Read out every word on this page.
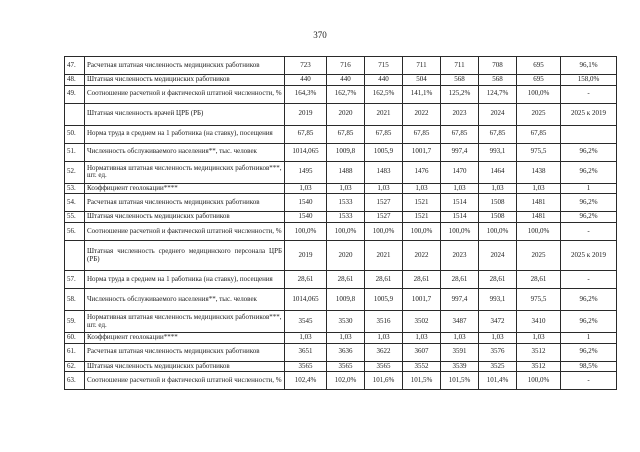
370
47.	Расчетная штатная численность медицинских работников	723	716	715	711	711	708	695	96,1%
48.	Штатная численность медицинских работников	440	440	440	504	568	568	695	158,0%
49.	Соотношение расчетной и фактической штатной численности, %	164,3%	162,7%	162,5%	141,1%	125,2%	124,7%	100,0%	-
	Штатная численность врачей ЦРБ (РБ)	2019	2020	2021	2022	2023	2024	2025	2025 к 2019
50.	Норма труда в среднем на 1 работника (на ставку), посещения	67,85	67,85	67,85	67,85	67,85	67,85	67,85	
51.	Численность обслуживаемого населения**, тыс. человек	1014,065	1009,8	1005,9	1001,7	997,4	993,1	975,5	96,2%
52.	Нормативная штатная численность медицинских работников***, шт. ед.	1495	1488	1483	1476	1470	1464	1438	96,2%
53.	Коэффициент геолокации****	1,03	1,03	1,03	1,03	1,03	1,03	1,03	1
54.	Расчетная штатная численность медицинских работников	1540	1533	1527	1521	1514	1508	1481	96,2%
55.	Штатная численность медицинских работников	1540	1533	1527	1521	1514	1508	1481	96,2%
56.	Соотношение расчетной и фактической штатной численности, %	100,0%	100,0%	100,0%	100,0%	100,0%	100,0%	100,0%	-
	Штатная численность среднего медицинского персонала ЦРБ (РБ)	2019	2020	2021	2022	2023	2024	2025	2025 к 2019
57.	Норма труда в среднем на 1 работника (на ставку), посещения	28,61	28,61	28,61	28,61	28,61	28,61	28,61	-
58.	Численность обслуживаемого населения**, тыс. человек	1014,065	1009,8	1005,9	1001,7	997,4	993,1	975,5	96,2%
59.	Нормативная штатная численность медицинских работников***, шт. ед.	3545	3530	3516	3502	3487	3472	3410	96,2%
60.	Коэффициент геолокации****	1,03	1,03	1,03	1,03	1,03	1,03	1,03	1
61.	Расчетная штатная численность медицинских работников	3651	3636	3622	3607	3591	3576	3512	96,2%
62.	Штатная численность медицинских работников	3565	3565	3565	3552	3539	3525	3512	98,5%
63.	Соотношение расчетной и фактической штатной численности, %	102,4%	102,0%	101,6%	101,5%	101,5%	101,4%	100,0%	-
